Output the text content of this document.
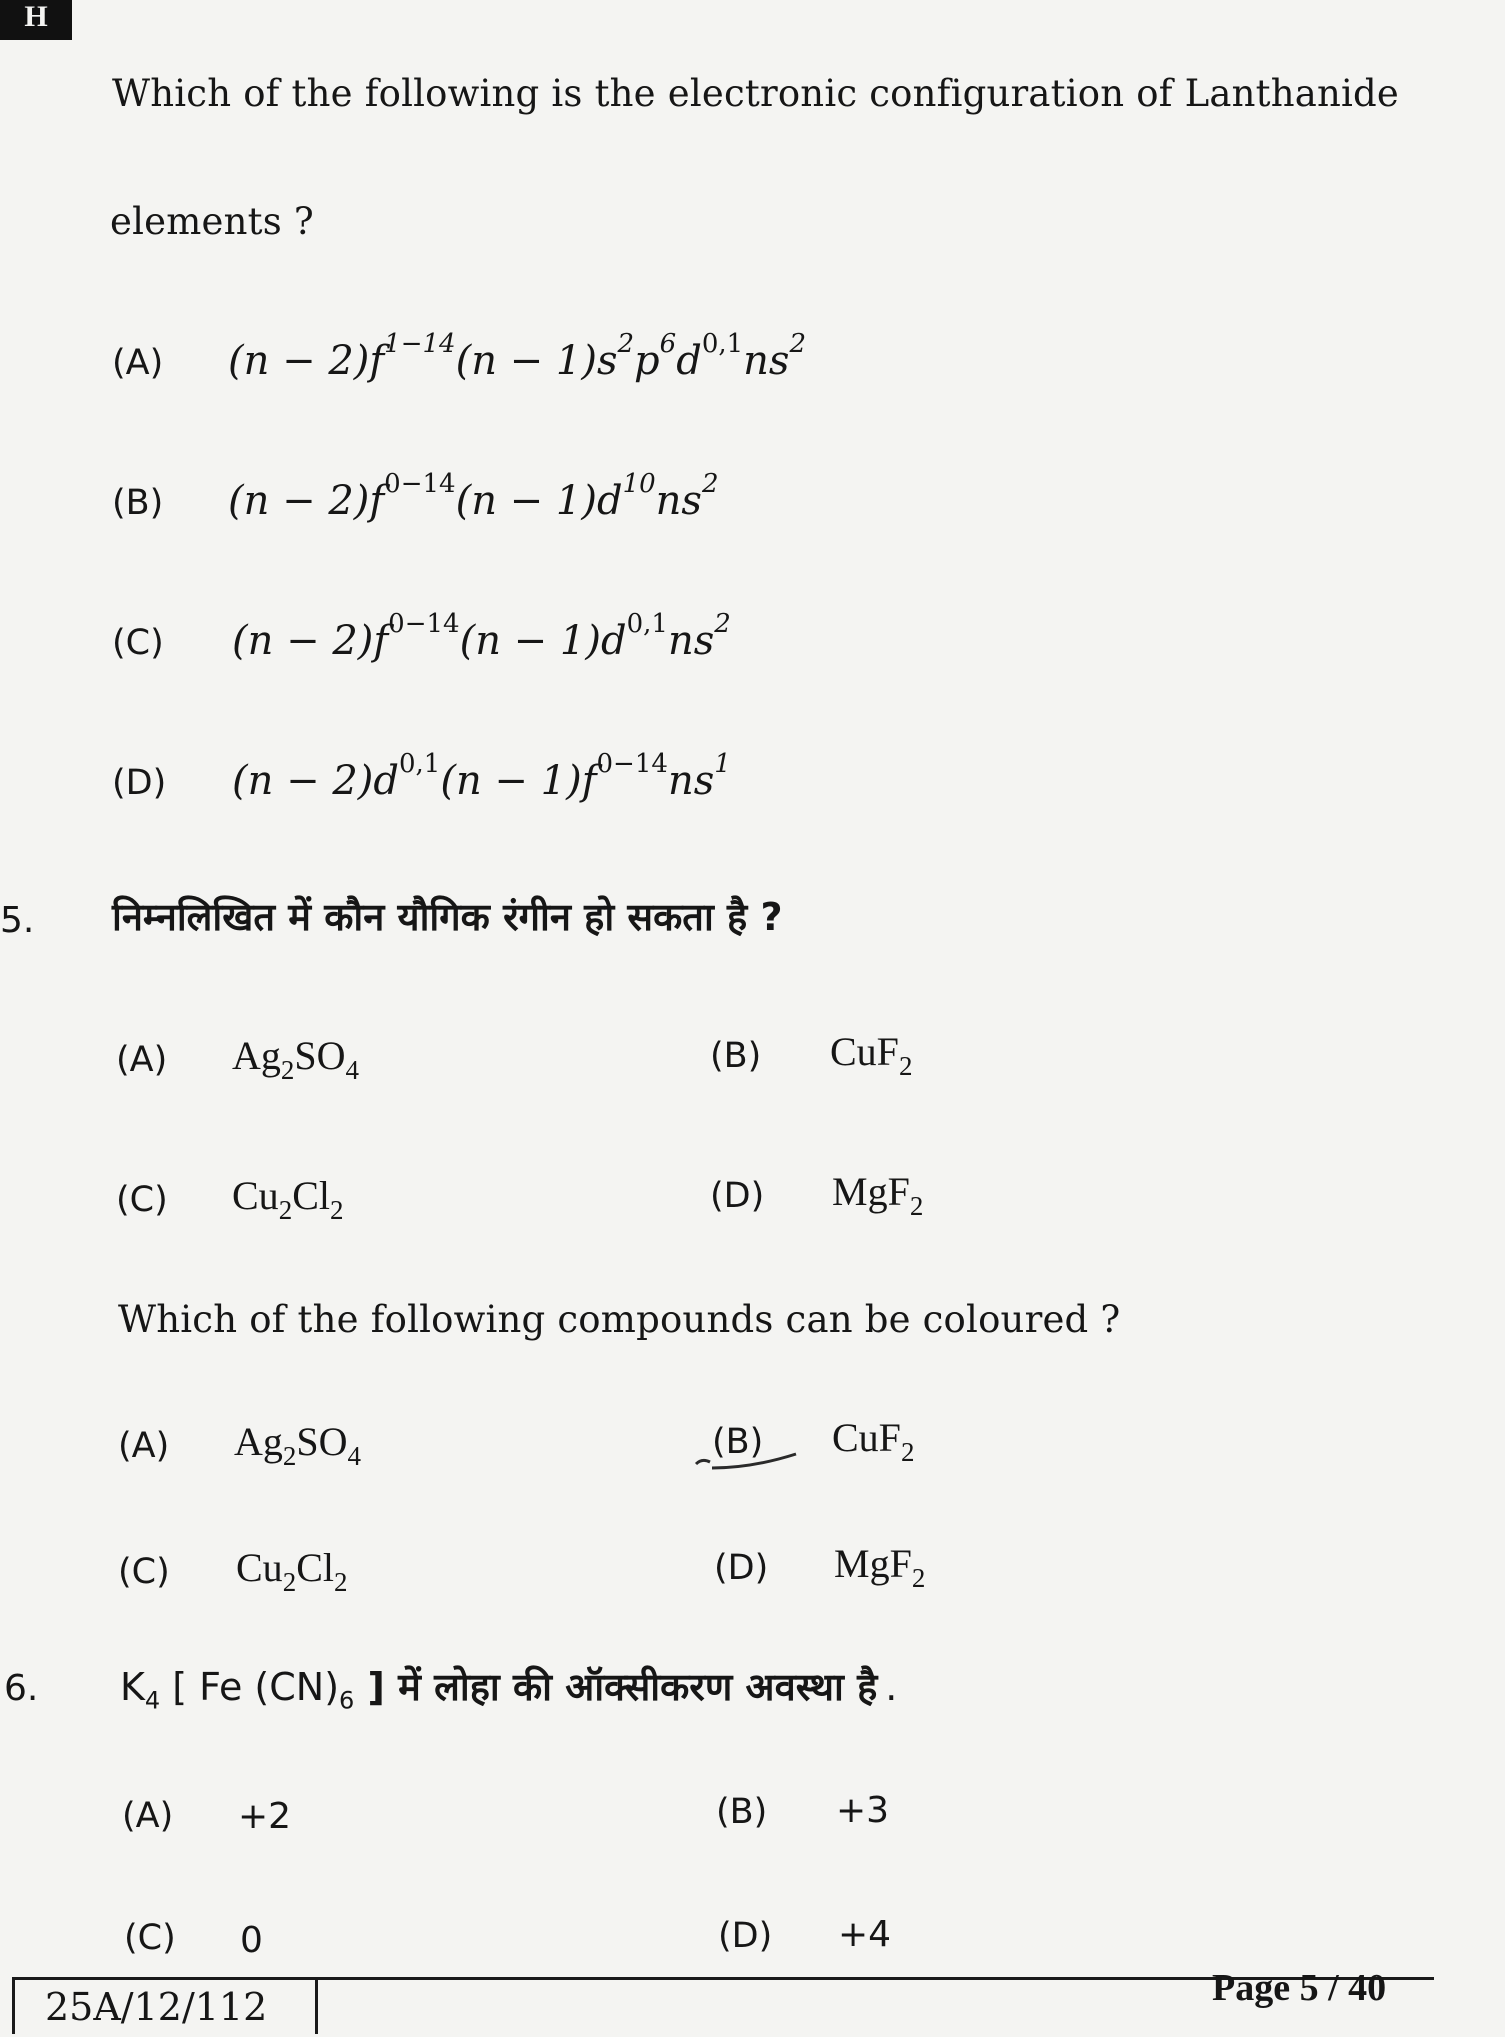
H
Which of the following is the electronic configuration of Lanthanide
elements ?
(A) $(n - 2)f^{1-14}(n - 1)s^2p^6d^{0,1}ns^2$
(B) $(n - 2)f^{0-14}(n - 1)d^{10}ns^2$
(C) $(n - 2)f^{0-14}(n - 1)d^{0,1}ns^2$
(D) $(n - 2)d^{0,1}(n - 1)f^{0-14}ns^1$
5. निम्नलिखित में कौन यौगिक रंगीन हो सकता है ?
(A) $Ag_2SO_4$	(B) CuF$_2$
(C) $Cu_2Cl_2$	(D) MgF$_2$
Which of the following compounds can be coloured ?
(A) $Ag_2SO_4$	(B) CuF$_2$
(C) $Cu_2Cl_2$	(D) MgF$_2$
6. $K_4$ [ Fe $(CN)_6$ ] में लोहा की ऑक्सीकरण अवस्था है .
(A) +2	(B) +3
(C) 0	(D) +4
25A/12/112	Page 5 / 40
